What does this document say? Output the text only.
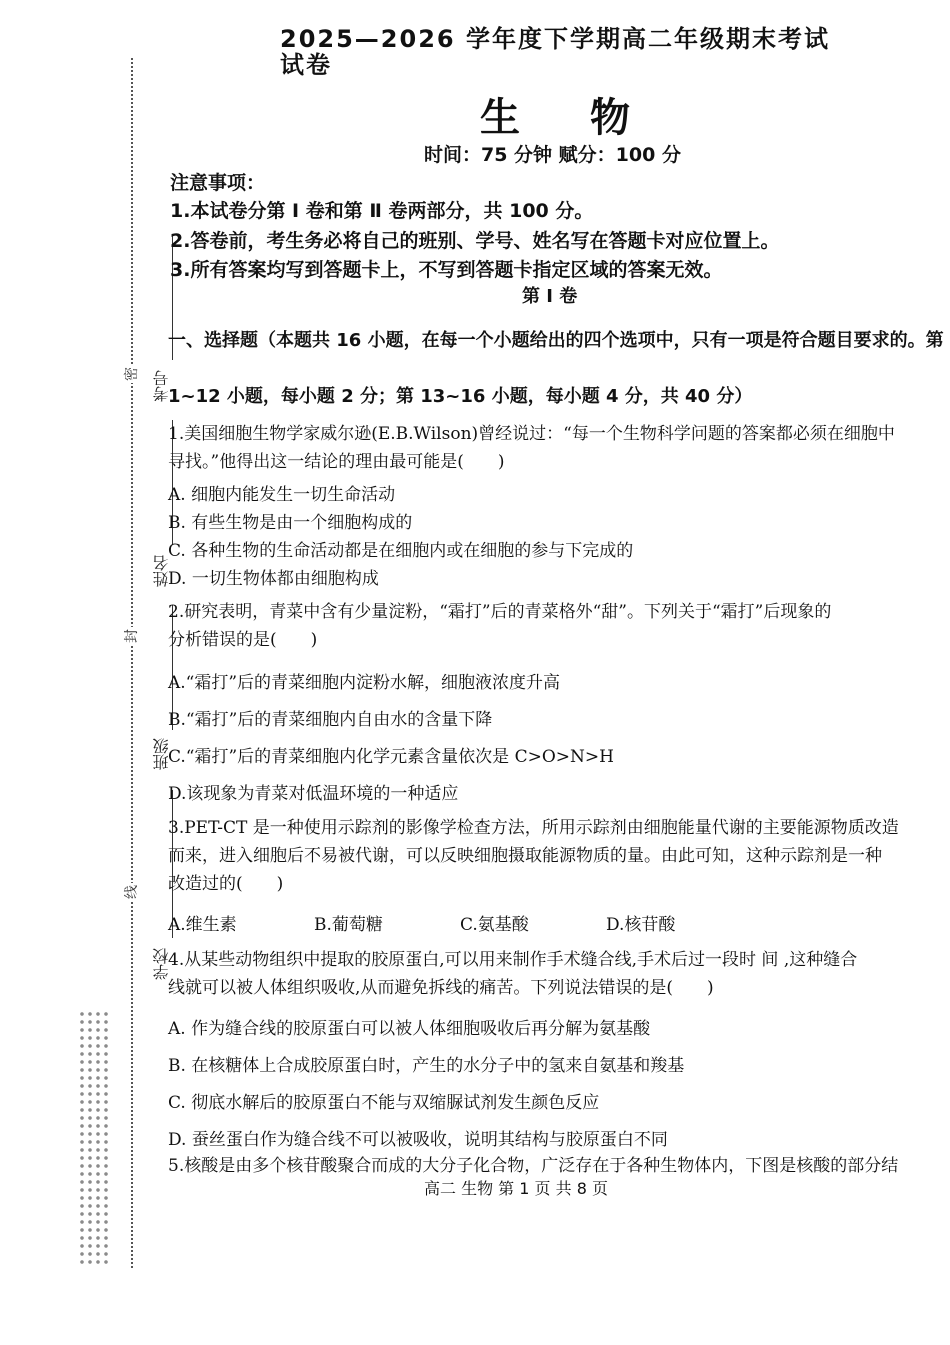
考号
姓名
班级
学校
密
封
线
2025—2026 学年度下学期高二年级期末考试试卷
生物
时间：75 分钟 赋分：100 分
注意事项：
1.本试卷分第 Ⅰ 卷和第 Ⅱ 卷两部分，共 100 分。
2.答卷前，考生务必将自己的班别、学号、姓名写在答题卡对应位置上。
3.所有答案均写到答题卡上，不写到答题卡指定区域的答案无效。
第 Ⅰ 卷
一、选择题（本题共 16 小题，在每一个小题给出的四个选项中，只有一项是符合题目要求的。第
1~12 小题，每小题 2 分；第 13~16 小题，每小题 4 分，共 40 分）
1.美国细胞生物学家威尔逊(E.B.Wilson)曾经说过：“每一个生物科学问题的答案都必须在细胞中
寻找。”他得出这一结论的理由最可能是(　　)
A. 细胞内能发生一切生命活动
B. 有些生物是由一个细胞构成的
C. 各种生物的生命活动都是在细胞内或在细胞的参与下完成的
D. 一切生物体都由细胞构成
2.研究表明，青菜中含有少量淀粉，“霜打”后的青菜格外“甜”。下列关于“霜打”后现象的
分析错误的是(　　)
A.“霜打”后的青菜细胞内淀粉水解，细胞液浓度升高
B.“霜打”后的青菜细胞内自由水的含量下降
C.“霜打”后的青菜细胞内化学元素含量依次是 C>O>N>H
D.该现象为青菜对低温环境的一种适应
3.PET-CT 是一种使用示踪剂的影像学检查方法，所用示踪剂由细胞能量代谢的主要能源物质改造
而来，进入细胞后不易被代谢，可以反映细胞摄取能源物质的量。由此可知，这种示踪剂是一种
改造过的(　　)
A.维生素	B.葡萄糖	C.氨基酸	D.核苷酸
4.从某些动物组织中提取的胶原蛋白,可以用来制作手术缝合线,手术后过一段时 间 ,这种缝合
线就可以被人体组织吸收,从而避免拆线的痛苦。下列说法错误的是(　　)
A. 作为缝合线的胶原蛋白可以被人体细胞吸收后再分解为氨基酸
B. 在核糖体上合成胶原蛋白时，产生的水分子中的氢来自氨基和羧基
C. 彻底水解后的胶原蛋白不能与双缩脲试剂发生颜色反应
D. 蚕丝蛋白作为缝合线不可以被吸收，说明其结构与胶原蛋白不同
5.核酸是由多个核苷酸聚合而成的大分子化合物，广泛存在于各种生物体内，下图是核酸的部分结
高二 生物 第 1 页 共 8 页
